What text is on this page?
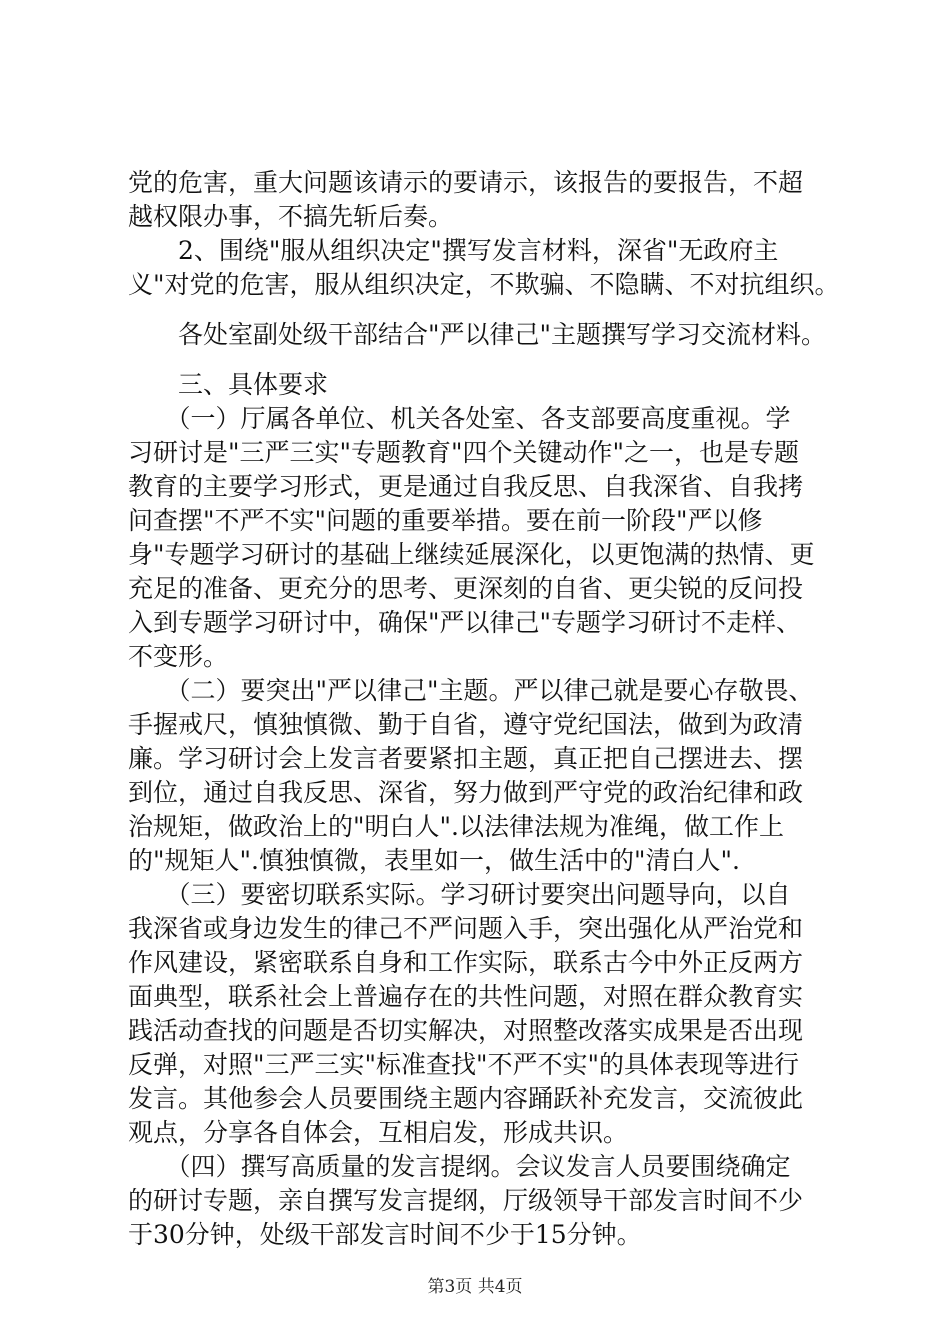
党的危害，重大问题该请示的要请示，该报告的要报告，不超
越权限办事，不搞先斩后奏。
　　2、围绕"服从组织决定"撰写发言材料，深省"无政府主
义"对党的危害，服从组织决定，不欺骗、不隐瞒、不对抗组织。
　　各处室副处级干部结合"严以律己"主题撰写学习交流材料。
　　三、具体要求
　　（一）厅属各单位、机关各处室、各支部要高度重视。学
习研讨是"三严三实"专题教育"四个关键动作"之一，也是专题
教育的主要学习形式，更是通过自我反思、自我深省、自我拷
问查摆"不严不实"问题的重要举措。要在前一阶段"严以修
身"专题学习研讨的基础上继续延展深化，以更饱满的热情、更
充足的准备、更充分的思考、更深刻的自省、更尖锐的反问投
入到专题学习研讨中，确保"严以律己"专题学习研讨不走样、
不变形。
　　（二）要突出"严以律己"主题。严以律己就是要心存敬畏、
手握戒尺，慎独慎微、勤于自省，遵守党纪国法，做到为政清
廉。学习研讨会上发言者要紧扣主题，真正把自己摆进去、摆
到位，通过自我反思、深省，努力做到严守党的政治纪律和政
治规矩，做政治上的"明白人".以法律法规为准绳，做工作上
的"规矩人".慎独慎微，表里如一，做生活中的"清白人".
　　（三）要密切联系实际。学习研讨要突出问题导向，以自
我深省或身边发生的律己不严问题入手，突出强化从严治党和
作风建设，紧密联系自身和工作实际，联系古今中外正反两方
面典型，联系社会上普遍存在的共性问题，对照在群众教育实
践活动查找的问题是否切实解决，对照整改落实成果是否出现
反弹，对照"三严三实"标准查找"不严不实"的具体表现等进行
发言。其他参会人员要围绕主题内容踊跃补充发言，交流彼此
观点，分享各自体会，互相启发，形成共识。
　　（四）撰写高质量的发言提纲。会议发言人员要围绕确定
的研讨专题，亲自撰写发言提纲，厅级领导干部发言时间不少
于30分钟，处级干部发言时间不少于15分钟。
第3页 共4页
